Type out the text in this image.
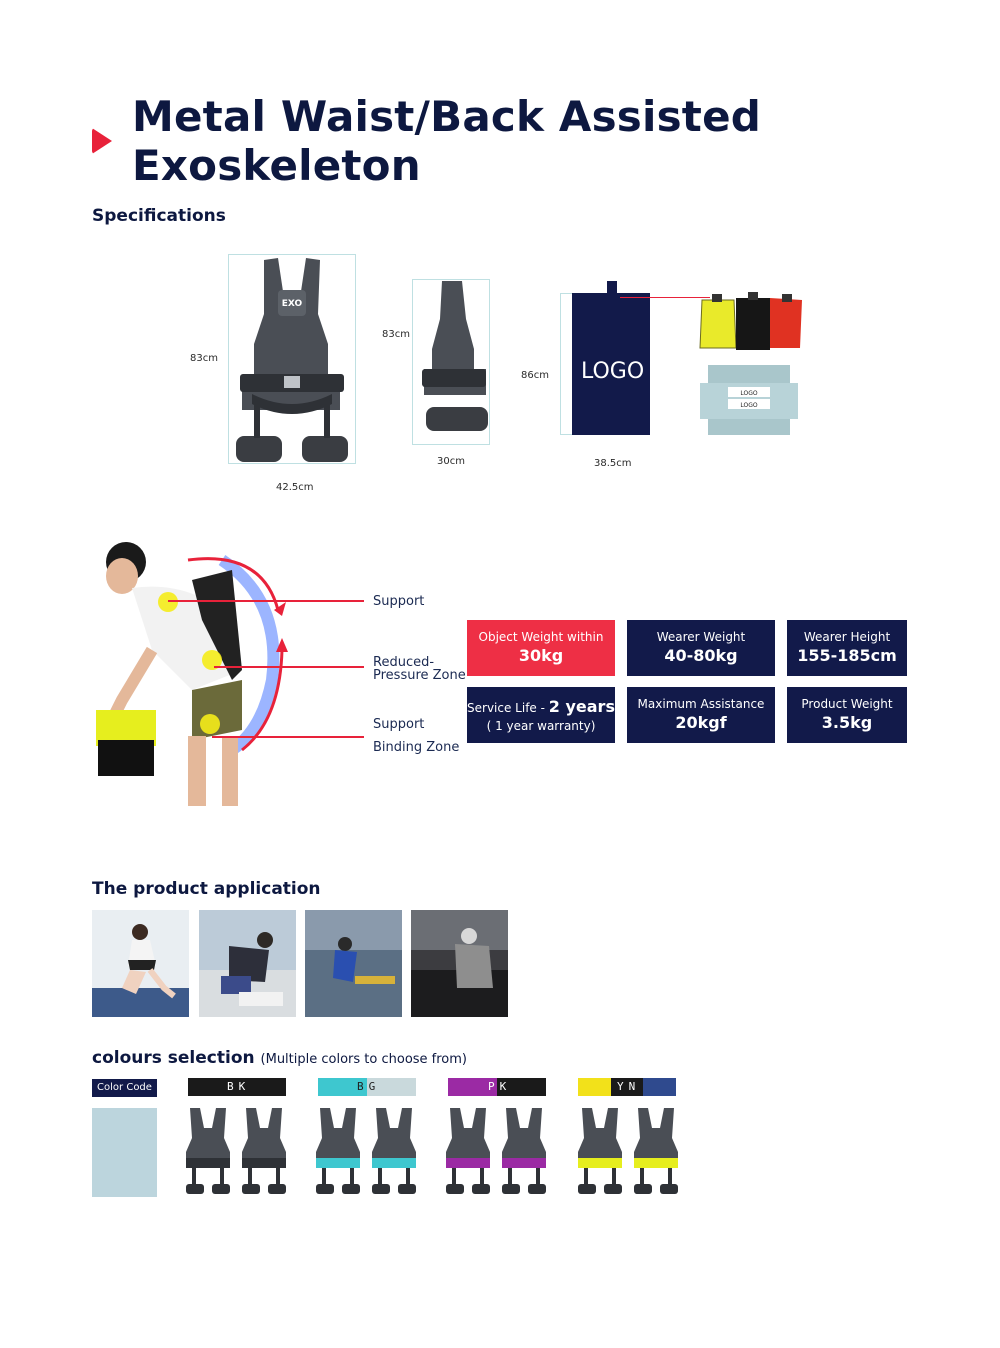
Metal Waist/Back Assisted Exoskeleton
Specifications
EXO
83cm
42.5cm
83cm
30cm
LOGO
86cm
38.5cm
LOGO
LOGO
Support
Reduced-
Pressure Zone
Support
Binding Zone
Object Weight within
30kg
Wearer Weight
40-80kg
Wearer Height
155-185cm
Service Life - 2 years
( 1 year warranty)
Maximum Assistance
20kgf
Product Weight
3.5kg
The product application
colours selection (Multiple colors to choose from)
Color Code	BK	BG	PK	YN
